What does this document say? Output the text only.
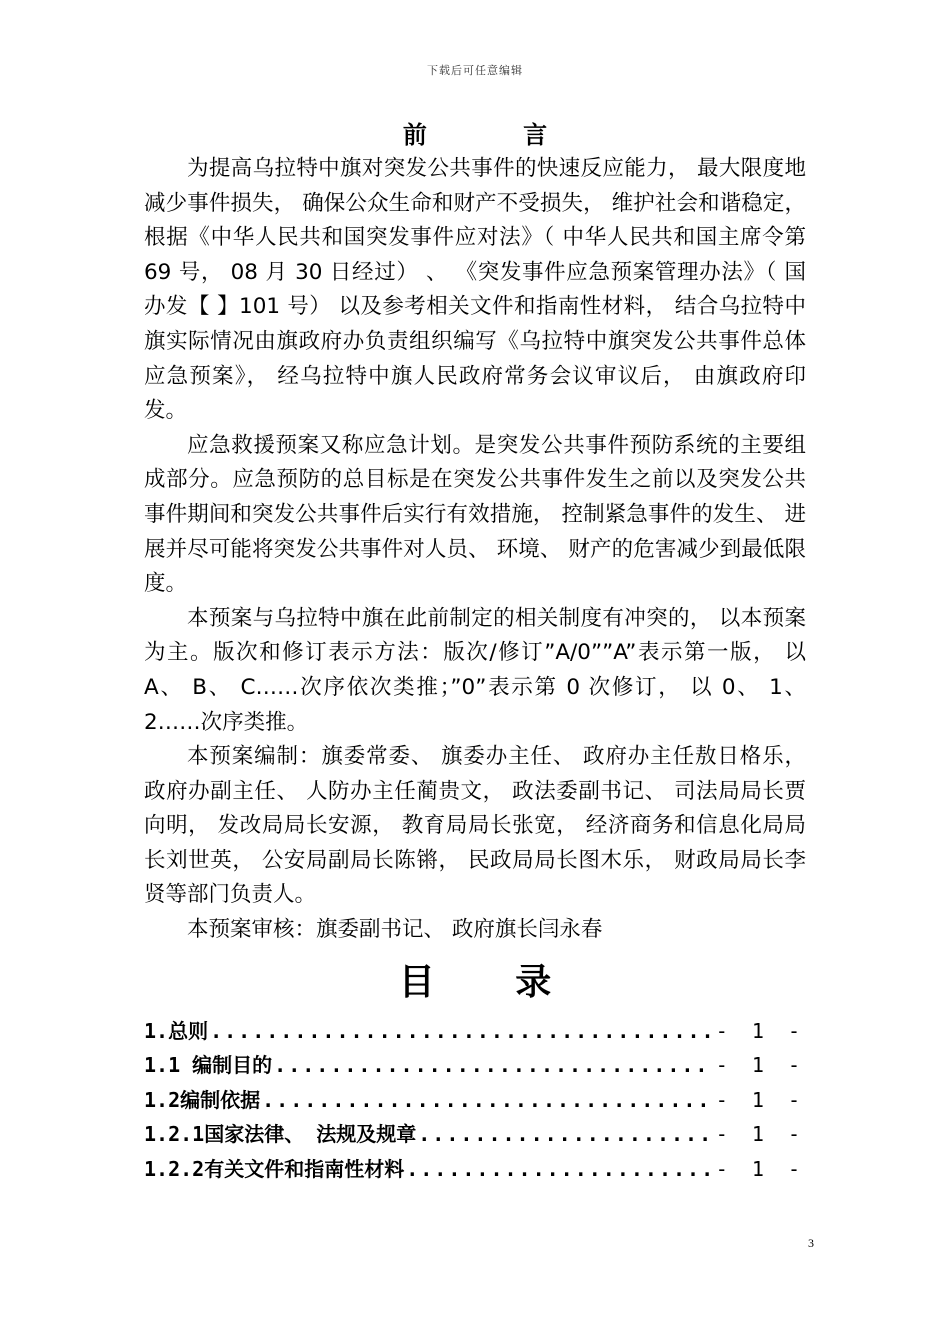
下载后可任意编辑
前 言

为提高乌拉特中旗对突发公共事件的快速反应能力， 最大限度地减少事件损失， 确保公众生命和财产不受损失， 维护社会和谐稳定， 根据《中华人民共和国突发事件应对法》（ 中华人民共和国主席令第 69 号， 08 月 30 日经过） 、 《突发事件应急预案管理办法》（ 国办发【 】101 号） 以及参考相关文件和指南性材料， 结合乌拉特中旗实际情况由旗政府办负责组织编写《乌拉特中旗突发公共事件总体应急预案》， 经乌拉特中旗人民政府常务会议审议后， 由旗政府印发。

应急救援预案又称应急计划。是突发公共事件预防系统的主要组成部分。应急预防的总目标是在突发公共事件发生之前以及突发公共事件期间和突发公共事件后实行有效措施， 控制紧急事件的发生、 进展并尽可能将突发公共事件对人员、 环境、 财产的危害减少到最低限度。

本预案与乌拉特中旗在此前制定的相关制度有冲突的， 以本预案为主。版次和修订表示方法：版次/修订”A/0””A”表示第一版， 以 A、 B、 C……次序依次类推；”0”表示第 0 次修订， 以 0、 1、 2……次序类推。

本预案编制：旗委常委、 旗委办主任、 政府办主任敖日格乐， 政府办副主任、 人防办主任蔺贵文， 政法委副书记、 司法局局长贾向明， 发改局局长安源， 教育局局长张宽， 经济商务和信息化局局长刘世英， 公安局副局长陈锵， 民政局局长图木乐， 财政局局长李贤等部门负责人。

本预案审核：旗委副书记、 政府旗长闫永春

目 录
1.总则 .....	- 1 -
1.1 编制目的 .....	- 1 -
1.2编制依据 .....	- 1 -
1.2.1国家法律、 法规及规章 .....	- 1 -
1.2.2有关文件和指南性材料 .....	- 1 -
3
